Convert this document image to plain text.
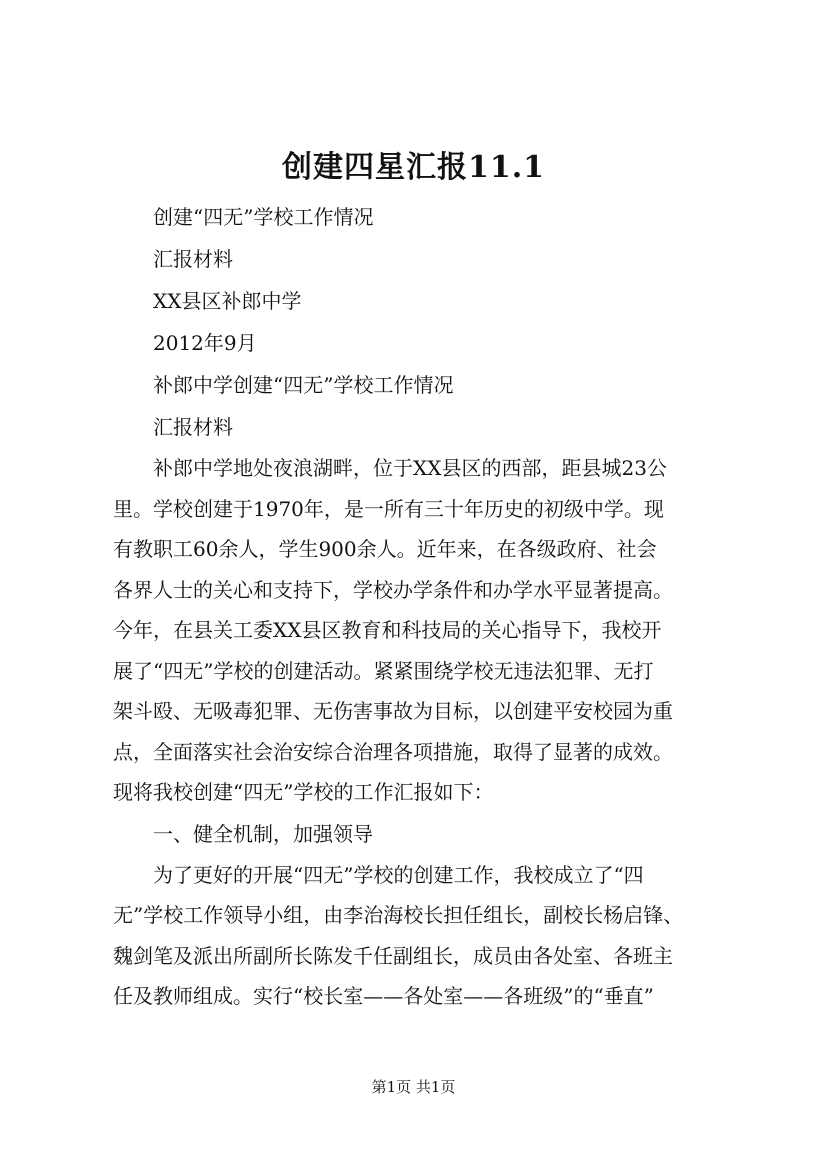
创建四星汇报11.1
创建“四无”学校工作情况
汇报材料
XX县区补郎中学
2012年9月
补郎中学创建“四无”学校工作情况
汇报材料
补郎中学地处夜浪湖畔，位于XX县区的西部，距县城23公
里。学校创建于1970年，是一所有三十年历史的初级中学。现
有教职工60余人，学生900余人。近年来，在各级政府、社会
各界人士的关心和支持下，学校办学条件和办学水平显著提高。
今年，在县关工委XX县区教育和科技局的关心指导下，我校开
展了“四无”学校的创建活动。紧紧围绕学校无违法犯罪、无打
架斗殴、无吸毒犯罪、无伤害事故为目标，以创建平安校园为重
点，全面落实社会治安综合治理各项措施，取得了显著的成效。
现将我校创建“四无”学校的工作汇报如下：
一、健全机制，加强领导
为了更好的开展“四无”学校的创建工作，我校成立了“四
无”学校工作领导小组，由李治海校长担任组长，副校长杨启锋、
魏剑笔及派出所副所长陈发千任副组长，成员由各处室、各班主
任及教师组成。实行“校长室——各处室——各班级”的“垂直”
第1页 共1页
